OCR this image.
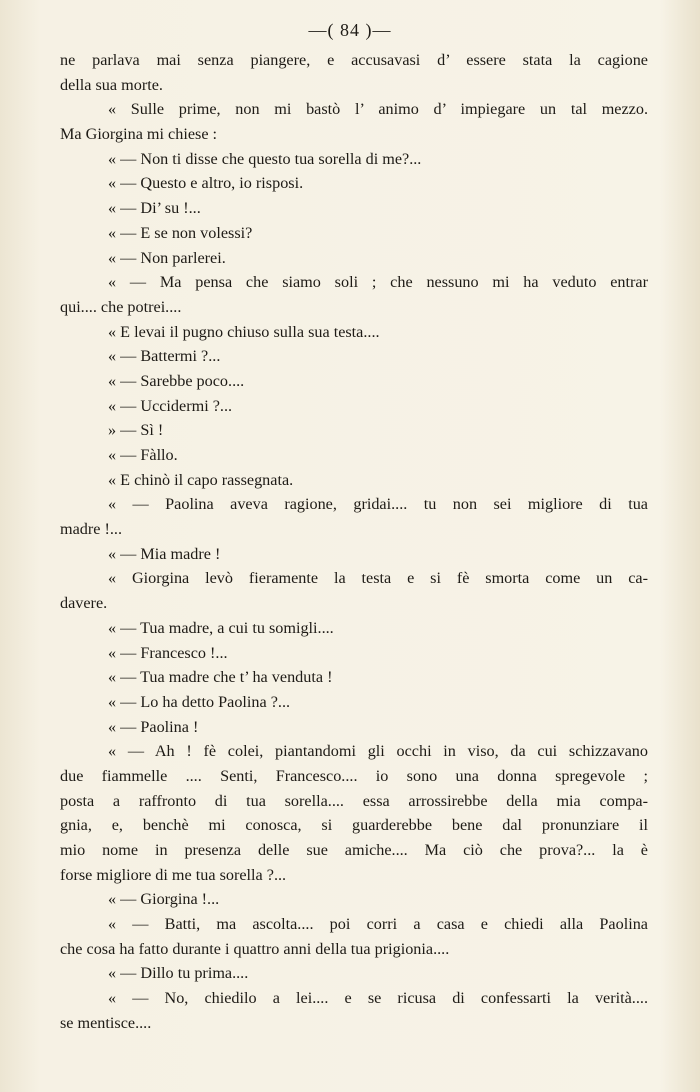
—( 84 )—
ne parlava mai senza piangere, e accusavasi d’ essere stata la cagione
della sua morte.
« Sulle prime, non mi bastò l’ animo d’ impiegare un tal mezzo.
Ma Giorgina mi chiese :
« — Non ti disse che questo tua sorella di me?...
« — Questo e altro, io risposi.
« — Di’ su !...
« — E se non volessi?
« — Non parlerei.
« — Ma pensa che siamo soli ; che nessuno mi ha veduto entrar
qui.... che potrei....
« E levai il pugno chiuso sulla sua testa....
« — Battermi ?...
« — Sarebbe poco....
« — Uccidermi ?...
» — Sì !
« — Fàllo.
« E chinò il capo rassegnata.
« — Paolina aveva ragione, gridai.... tu non sei migliore di tua
madre !...
« — Mia madre !
« Giorgina levò fieramente la testa e si fè smorta come un ca-
davere.
« — Tua madre, a cui tu somigli....
« — Francesco !...
« — Tua madre che t’ ha venduta !
« — Lo ha detto Paolina ?...
« — Paolina !
« — Ah ! fè colei, piantandomi gli occhi in viso, da cui schizzavano
due fiammelle .... Senti, Francesco.... io sono una donna spregevole ;
posta a raffronto di tua sorella.... essa arrossirebbe della mia compa-
gnia, e, benchè mi conosca, si guarderebbe bene dal pronunziare il
mio nome in presenza delle sue amiche.... Ma ciò che prova?... la è
forse migliore di me tua sorella ?...
« — Giorgina !...
« — Batti, ma ascolta.... poi corri a casa e chiedi alla Paolina
che cosa ha fatto durante i quattro anni della tua prigionia....
« — Dillo tu prima....
« — No, chiedilo a lei.... e se ricusa di confessarti la verità....
se mentisce....
